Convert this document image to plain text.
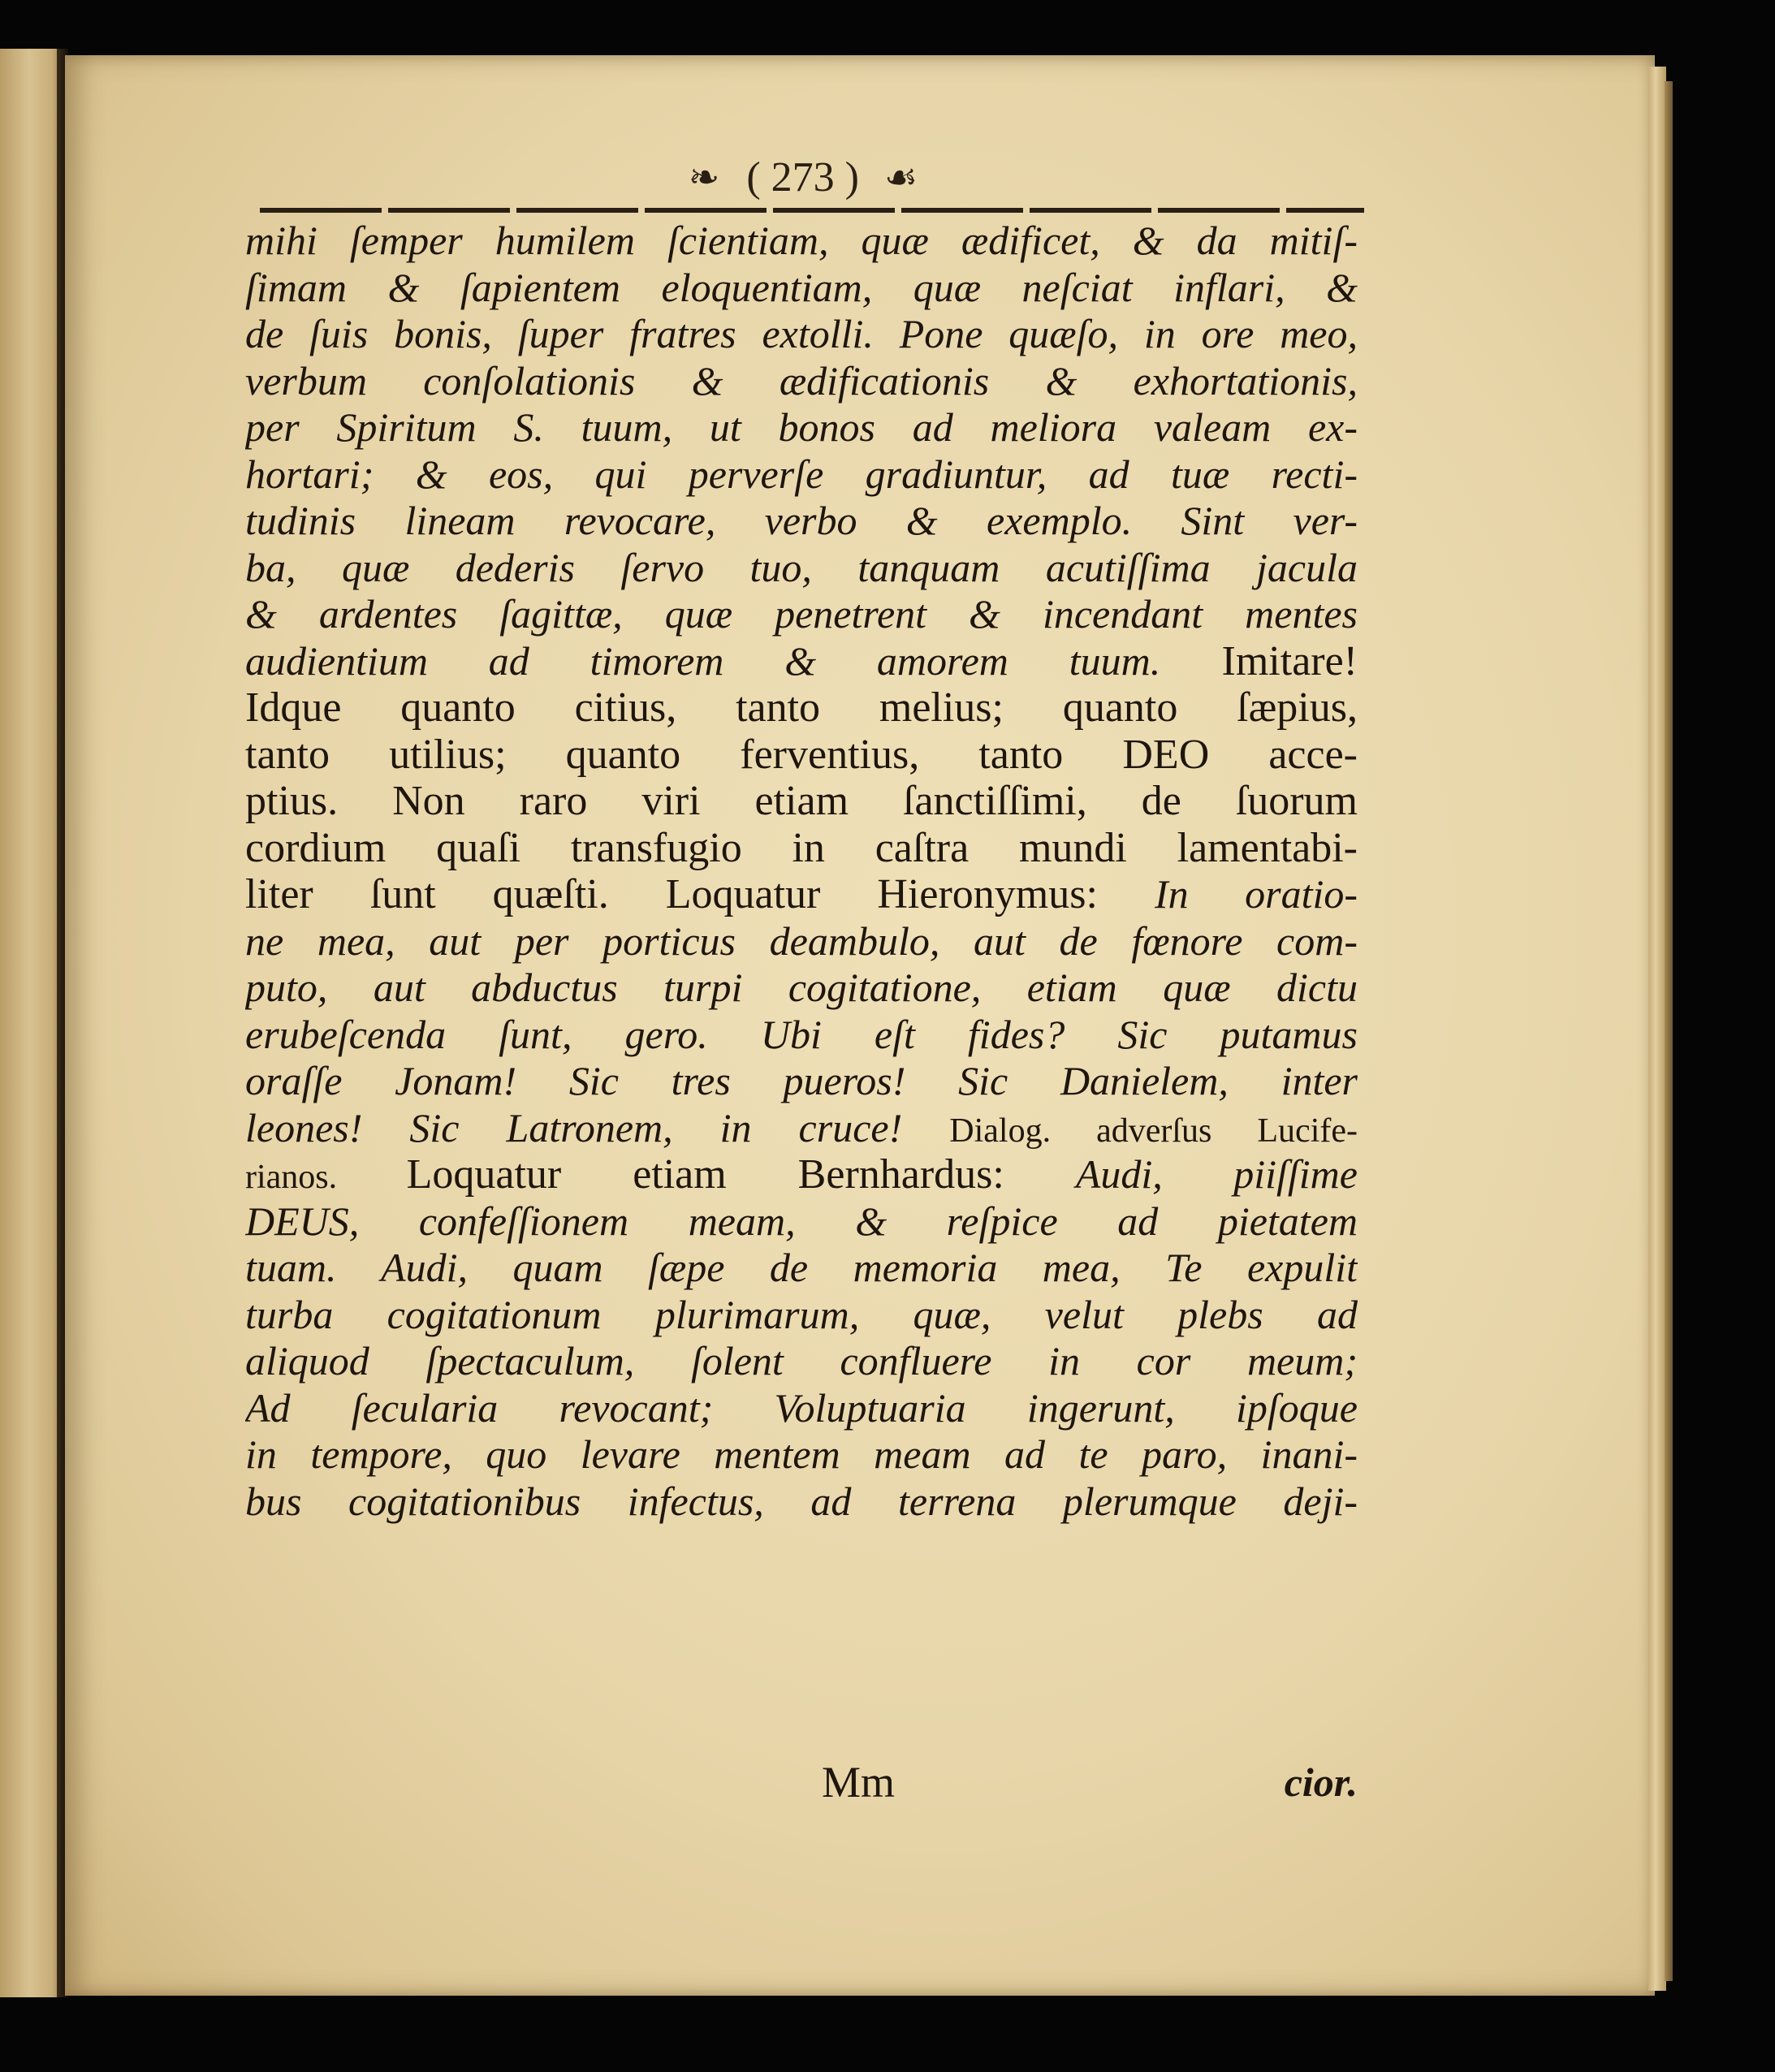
❧ ( 273 ) ☙
mihi ſemper humilem ſcientiam, quæ ædificet, & da mitiſ-
ſimam & ſapientem eloquentiam, quæ neſciat inflari, &
de ſuis bonis, ſuper fratres extolli. Pone quæſo, in ore meo,
verbum conſolationis & ædificationis & exhortationis,
per Spiritum S. tuum, ut bonos ad meliora valeam ex-
hortari; & eos, qui perverſe gradiuntur, ad tuæ recti-
tudinis lineam revocare, verbo & exemplo. Sint ver-
ba, quæ dederis ſervo tuo, tanquam acutiſſima jacula
& ardentes ſagittæ, quæ penetrent & incendant mentes
audientium ad timorem & amorem tuum. Imitare!
Idque quanto citius, tanto melius; quanto ſæpius,
tanto utilius; quanto ferventius, tanto DEO acce-
ptius. Non raro viri etiam ſanctiſſimi, de ſuorum
cordium quaſi transfugio in caſtra mundi lamentabi-
liter ſunt quæſti. Loquatur Hieronymus: In oratio-
ne mea, aut per porticus deambulo, aut de fœnore com-
puto, aut abductus turpi cogitatione, etiam quæ dictu
erubeſcenda ſunt, gero. Ubi eſt fides? Sic putamus
oraſſe Jonam! Sic tres pueros! Sic Danielem, inter
leones! Sic Latronem, in cruce! Dialog. adverſus Lucife-
rianos. Loquatur etiam Bernhardus: Audi, piiſſime
DEUS, confeſſionem meam, & reſpice ad pietatem
tuam. Audi, quam ſæpe de memoria mea, Te expulit
turba cogitationum plurimarum, quæ, velut plebs ad
aliquod ſpectaculum, ſolent confluere in cor meum;
Ad ſecularia revocant; Voluptuaria ingerunt, ipſoque
in tempore, quo levare mentem meam ad te paro, inani-
bus cogitationibus infectus, ad terrena plerumque deji-
Mm	cior.
